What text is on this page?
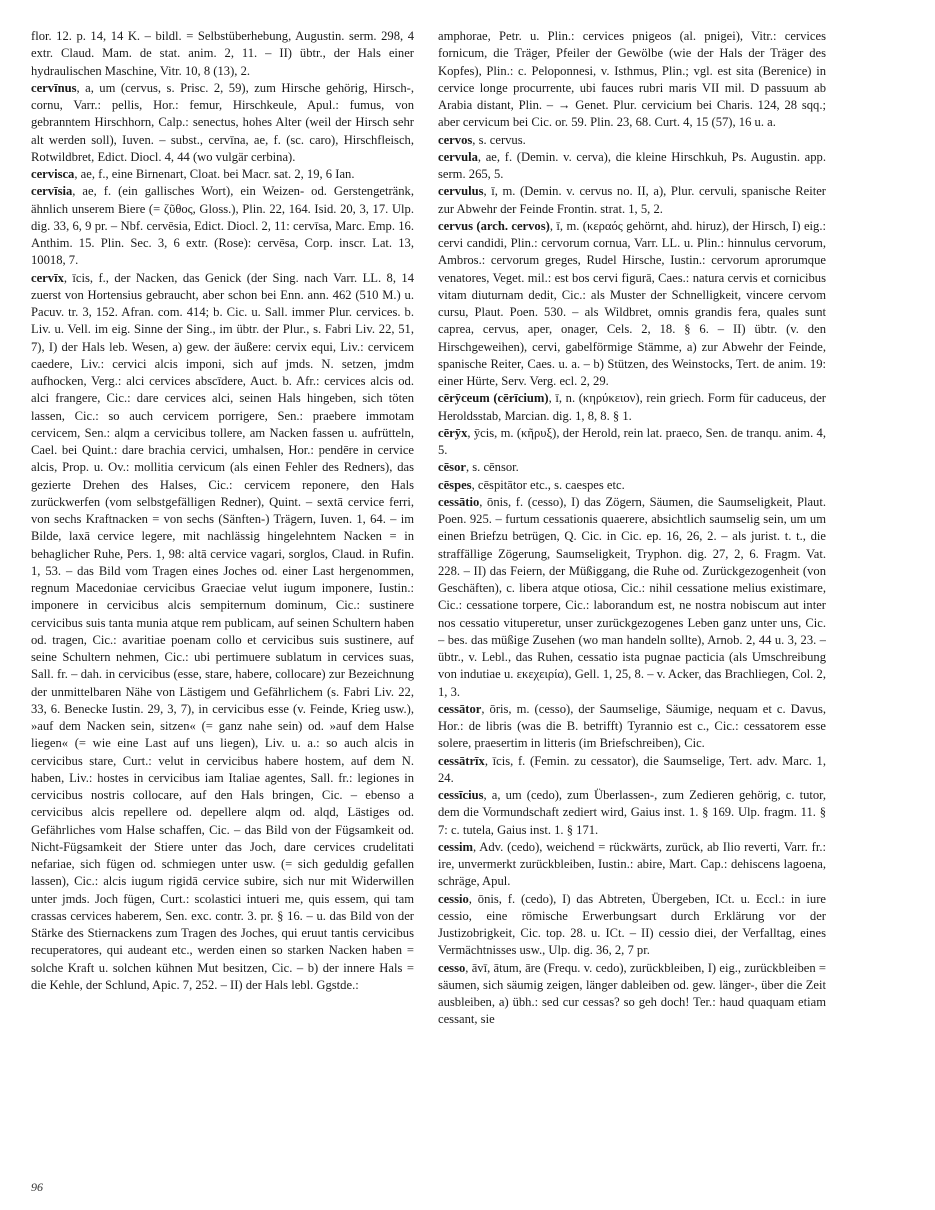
flor. 12. p. 14, 14 K. – bildl. = Selbstüberhebung, Augustin. serm. 298, 4 extr. Claud. Mam. de stat. anim. 2, 11. – II) übtr., der Hals einer hydraulischen Maschine, Vitr. 10, 8 (13), 2.

cervīnus, a, um (cervus, s. Prisc. 2, 59), zum Hirsche gehörig, Hirsch-, cornu, Varr.: pellis, Hor.: femur, Hirschkeule, Apul.: fumus, von gebranntem Hirschhorn, Calp.: senectus, hohes Alter (weil der Hirsch sehr alt werden soll), Iuven. – subst., cervīna, ae, f. (sc. caro), Hirschfleisch, Rotwildbret, Edict. Diocl. 4, 44 (wo vulgär cerbina).

cervisca, ae, f., eine Birnenart, Cloat. bei Macr. sat. 2, 19, 6 Ian.

cervīsia, ae, f. (ein gallisches Wort), ein Weizen- od. Gerstengetränk, ähnlich unserem Biere (= ζῦθος, Gloss.), Plin. 22, 164. Isid. 20, 3, 17. Ulp. dig. 33, 6, 9 pr. – Nbf. cervēsia, Edict. Diocl. 2, 11: cervīsa, Marc. Emp. 16. Anthim. 15. Plin. Sec. 3, 6 extr. (Rose): cervēsa, Corp. inscr. Lat. 13, 10018, 7.

cervīx, īcis, f., der Nacken, das Genick (der Sing. nach Varr. LL. 8, 14 zuerst von Hortensius gebraucht, aber schon bei Enn. ann. 462 (510 M.) u. Pacuv. tr. 3, 152. Afran. com. 414; b. Cic. u. Sall. immer Plur. cervices. b. Liv. u. Vell. im eig. Sinne der Sing., im übtr. der Plur., s. Fabri Liv. 22, 51, 7), I) der Hals leb. Wesen, a) gew. der äußere: cervix equi, Liv.: cervicem caedere, Liv.: cervici alcis imponi, sich auf jmds. N. setzen, jmdm aufhocken, Verg.: alci cervices abscīdere, Auct. b. Afr.: cervices alcis od. alci frangere, Cic.: dare cervices alci, seinen Hals hingeben, sich töten lassen, Cic.: so auch cervicem porrigere, Sen.: praebere immotam cervicem, Sen.: alqm a cervicibus tollere, am Nacken fassen u. aufrütteln, Cael. bei Quint.: dare brachia cervici, umhalsen, Hor.: pendēre in cervice alcis, Prop. u. Ov.: mollitia cervicum (als einen Fehler des Redners), das gezierte Drehen des Halses, Cic.: cervicem reponere, den Hals zurückwerfen (vom selbstgefälligen Redner), Quint. – sextā cervice ferri, von sechs Kraftnacken = von sechs (Sänften-) Trägern, Iuven. 1, 64. – im Bilde, laxā cervice legere, mit nachlässig hingelehntem Nacken = in behaglicher Ruhe, Pers. 1, 98: altā cervice vagari, sorglos, Claud. in Rufin. 1, 53. – das Bild vom Tragen eines Joches od. einer Last hergenommen, regnum Macedoniae cervicibus Graeciae velut iugum imponere, Iustin.: imponere in cervicibus alcis sempiternum dominum, Cic.: sustinere cervicibus suis tanta munia atque rem publicam, auf seinen Schultern haben od. tragen, Cic.: avaritiae poenam collo et cervicibus suis sustinere, auf seine Schultern nehmen, Cic.: ubi pertimuere sublatum in cervices suas, Sall. fr. – dah. in cervicibus (esse, stare, habere, collocare) zur Bezeichnung der unmittelbaren Nähe von Lästigem und Gefährlichem (s. Fabri Liv. 22, 33, 6. Benecke Iustin. 29, 3, 7), in cervicibus esse (v. Feinde, Krieg usw.), »auf dem Nacken sein, sitzen« (= ganz nahe sein) od. »auf dem Halse liegen« (= wie eine Last auf uns liegen), Liv. u. a.: so auch alcis in cervicibus stare, Curt.: velut in cervicibus habere hostem, auf dem N. haben, Liv.: hostes in cervicibus iam Italiae agentes, Sall. fr.: legiones in cervicibus nostris collocare, auf den Hals bringen, Cic. – ebenso a cervicibus alcis repellere od. depellere alqm od. alqd, Lästiges od. Gefährliches vom Halse schaffen, Cic. – das Bild von der Fügsamkeit od. Nicht-Fügsamkeit der Stiere unter das Joch, dare cervices crudelitati nefariae, sich fügen od. schmiegen unter usw. (= sich geduldig gefallen lassen), Cic.: alcis iugum rigidā cervice subire, sich nur mit Widerwillen unter jmds. Joch fügen, Curt.: scolastici intueri me, quis essem, qui tam crassas cervices haberem, Sen. exc. contr. 3. pr. § 16. – u. das Bild von der Stärke des Stiernackens zum Tragen des Joches, qui eruut tantis cervicibus recuperatores, qui audeant etc., werden einen so starken Nacken haben = solche Kraft u. solchen kühnen Mut besitzen, Cic. – b) der innere Hals = die Kehle, der Schlund, Apic. 7, 252. – II) der Hals lebl. Ggstde.:

amphorae, Petr. u. Plin.: cervices pnigeos (al. pnigei), Vitr.: cervices fornicum, die Träger, Pfeiler der Gewölbe (wie der Hals der Träger des Kopfes), Plin.: c. Peloponnesi, v. Isthmus, Plin.; vgl. est sita (Berenice) in cervice longe procurrente, ubi fauces rubri maris VII mil. D passuum ab Arabia distant, Plin. – → Genet. Plur. cervicium bei Charis. 124, 28 sqq.; aber cervicum bei Cic. or. 59. Plin. 23, 68. Curt. 4, 15 (57), 16 u. a.

cervos, s. cervus.

cervula, ae, f. (Demin. v. cerva), die kleine Hirschkuh, Ps. Augustin. app. serm. 265, 5.

cervulus, ī, m. (Demin. v. cervus no. II, a), Plur. cervuli, spanische Reiter zur Abwehr der Feinde Frontin. strat. 1, 5, 2.

cervus (arch. cervos), ī, m. (κεραός gehörnt, ahd. hiruz), der Hirsch, I) eig.: cervi candidi, Plin.: cervorum cornua, Varr. LL. u. Plin.: hinnulus cervorum, Ambros.: cervorum greges, Rudel Hirsche, Iustin.: cervorum aprorumque venatores, Veget. mil.: est bos cervi figurā, Caes.: natura cervis et cornicibus vitam diuturnam dedit, Cic.: als Muster der Schnelligkeit, vincere cervom cursu, Plaut. Poen. 530. – als Wildbret, omnis grandis fera, quales sunt caprea, cervus, aper, onager, Cels. 2, 18. § 6. – II) übtr. (v. den Hirschgeweihen), cervi, gabelförmige Stämme, a) zur Abwehr der Feinde, spanische Reiter, Caes. u. a. – b) Stützen, des Weinstocks, Tert. de anim. 19: einer Hürte, Serv. Verg. ecl. 2, 29.

cērȳceum (cērīcium), ī, n. (κηρύκειον), rein griech. Form für caduceus, der Heroldsstab, Marcian. dig. 1, 8, 8. § 1.

cērȳx, ȳcis, m. (κῆρυξ), der Herold, rein lat. praeco, Sen. de tranqu. anim. 4, 5.

cēsor, s. cēnsor.

cēspes, cēspitātor etc., s. caespes etc.

cessātio, ōnis, f. (cesso), I) das Zögern, Säumen, die Saumseligkeit, Plaut. Poen. 925. – furtum cessationis quaerere, absichtlich saumselig sein, um um einen Briefzu betrügen, Q. Cic. in Cic. ep. 16, 26, 2. – als jurist. t. t., die straffällige Zögerung, Saumseligkeit, Tryphon. dig. 27, 2, 6. Fragm. Vat. 228. – II) das Feiern, der Müßiggang, die Ruhe od. Zurückgezogenheit (von Geschäften), c. libera atque otiosa, Cic.: nihil cessatione melius existimare, Cic.: cessatione torpere, Cic.: laborandum est, ne nostra nobiscum aut inter nos cessatio vituperetur, unser zurückgezogenes Leben ganz unter uns, Cic. – bes. das müßige Zusehen (wo man handeln sollte), Arnob. 2, 44 u. 3, 23. – übtr., v. Lebl., das Ruhen, cessatio ista pugnae pacticia (als Umschreibung von indutiae u. εκεχειρία), Gell. 1, 25, 8. – v. Acker, das Brachliegen, Col. 2, 1, 3.

cessātor, ōris, m. (cesso), der Saumselige, Säumige, nequam et c. Davus, Hor.: de libris (was die B. betrifft) Tyrannio est c., Cic.: cessatorem esse solere, praesertim in litteris (im Briefschreiben), Cic.

cessātrīx, īcis, f. (Femin. zu cessator), die Saumselige, Tert. adv. Marc. 1, 24.

cessīcius, a, um (cedo), zum Überlassen-, zum Zedieren gehörig, c. tutor, dem die Vormundschaft zediert wird, Gaius inst. 1. § 169. Ulp. fragm. 11. § 7: c. tutela, Gaius inst. 1. § 171.

cessim, Adv. (cedo), weichend = rückwärts, zurück, ab Ilio reverti, Varr. fr.: ire, unvermerkt zurückbleiben, Iustin.: abire, Mart. Cap.: dehiscens lagoena, schräge, Apul.

cessio, ōnis, f. (cedo), I) das Abtreten, Übergeben, ICt. u. Eccl.: in iure cessio, eine römische Erwerbungsart durch Erklärung vor der Justizobrigkeit, Cic. top. 28. u. ICt. – II) cessio diei, der Verfalltag, eines Vermächtnisses usw., Ulp. dig. 36, 2, 7 pr.

cesso, āvī, ātum, āre (Frequ. v. cedo), zurückbleiben, I) eig., zurückbleiben = säumen, sich säumig zeigen, länger dableiben od. gew. länger-, über die Zeit ausbleiben, a) übh.: sed cur cessas? so geh doch! Ter.: haud quaquam etiam cessant, sie

96
